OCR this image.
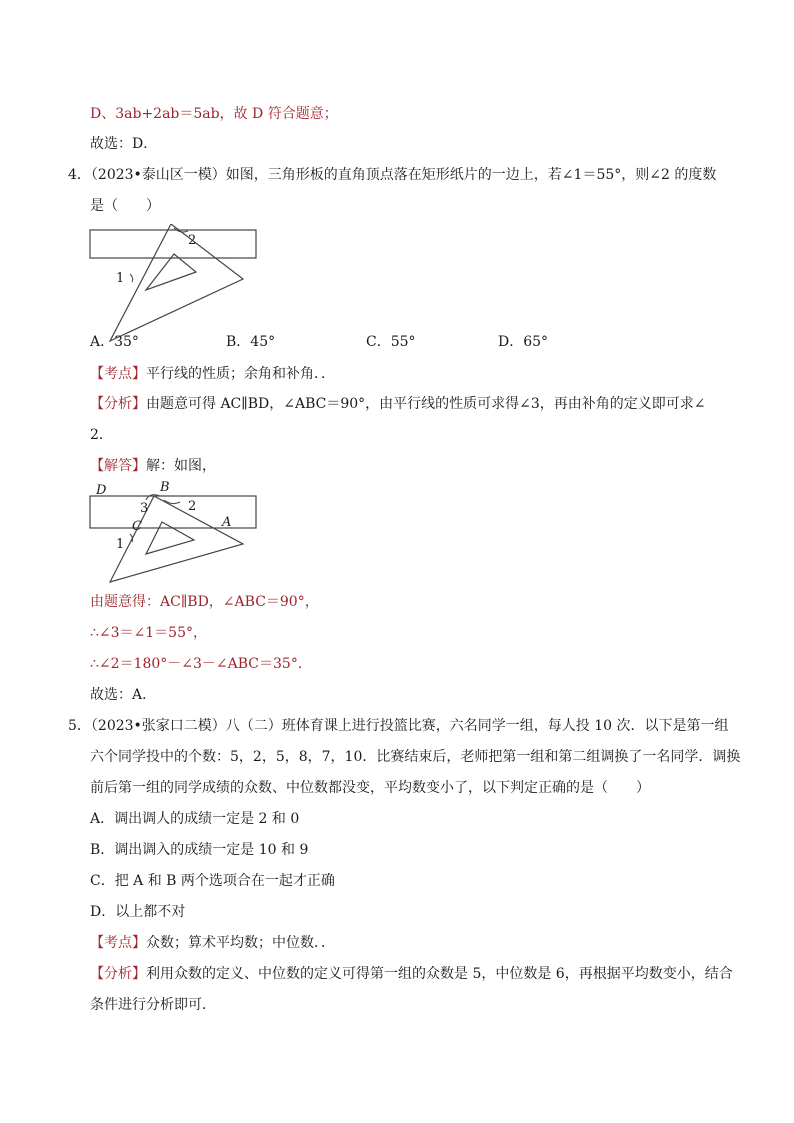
D、3ab+2ab＝5ab，故 D 符合题意；
故选：D．
4．（2023•泰山区一模）如图，三角形板的直角顶点落在矩形纸片的一边上，若∠1＝55°，则∠2 的度数
是（　　）
2
1
A．35°	B．45°	C．55°	D．65°
【考点】平行线的性质；余角和补角．．
【分析】由题意可得 AC∥BD，∠ABC＝90°，由平行线的性质可求得∠3，再由补角的定义即可求∠
2．
【解答】解：如图，
D	B
3	2
C	A
1
由题意得：AC∥BD，∠ABC＝90°，
∴∠3＝∠1＝55°，
∴∠2＝180°－∠3－∠ABC＝35°．
故选：A．
5．（2023•张家口二模）八（二）班体育课上进行投篮比赛，六名同学一组，每人投 10 次．以下是第一组
六个同学投中的个数：5，2，5，8，7，10．比赛结束后，老师把第一组和第二组调换了一名同学．调换
前后第一组的同学成绩的众数、中位数都没变，平均数变小了，以下判定正确的是（　　）
A．调出调人的成绩一定是 2 和 0
B．调出调入的成绩一定是 10 和 9
C．把 A 和 B 两个选项合在一起才正确
D．以上都不对
【考点】众数；算术平均数；中位数．．
【分析】利用众数的定义、中位数的定义可得第一组的众数是 5，中位数是 6，再根据平均数变小，结合
条件进行分析即可．
